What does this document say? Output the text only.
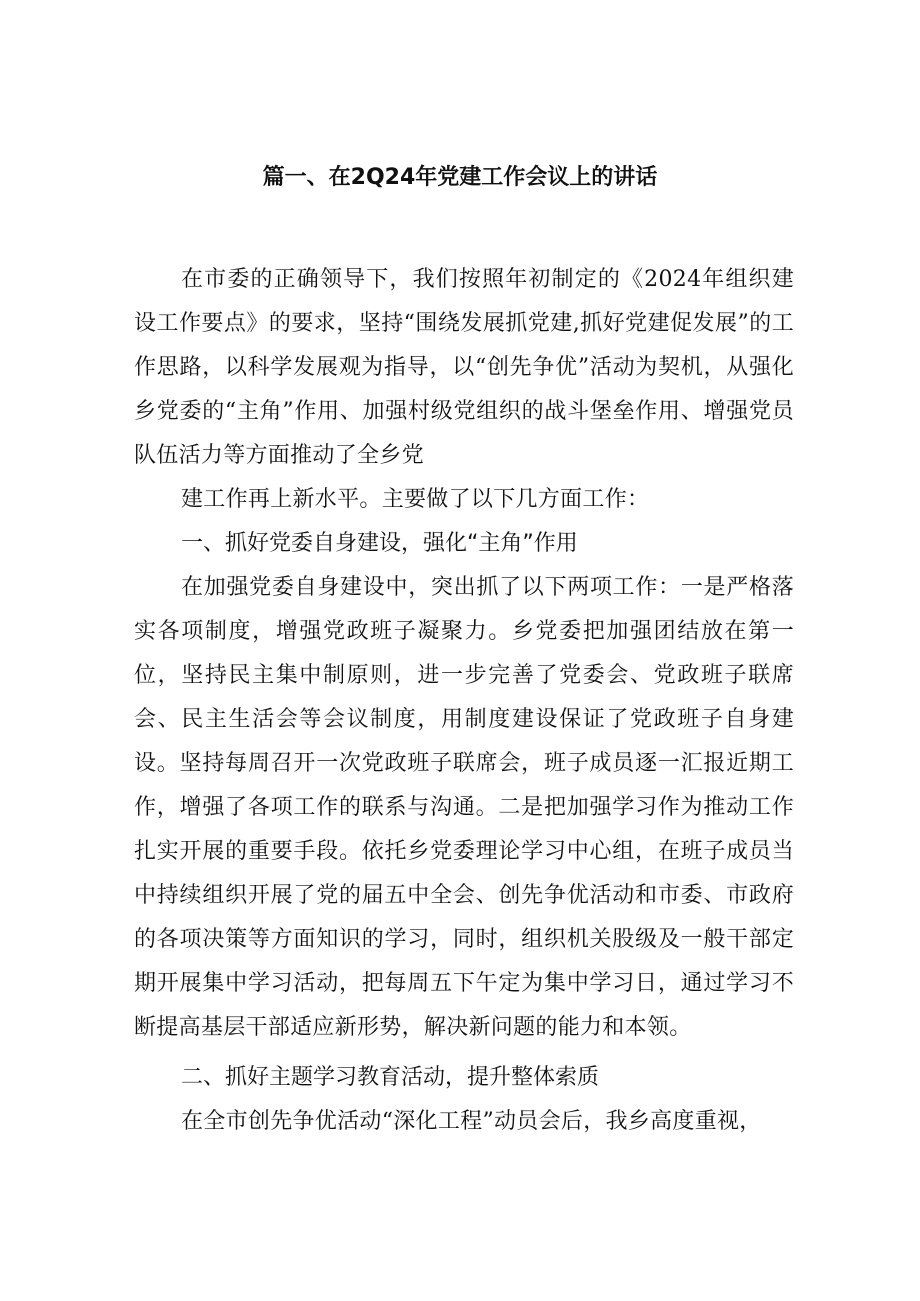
篇一、在2Q24年党建工作会议上的讲话

在市委的正确领导下，我们按照年初制定的《2024年组织建设工作要点》的要求，坚持“围绕发展抓党建,抓好党建促发展”的工作思路，以科学发展观为指导，以“创先争优”活动为契机，从强化乡党委的“主角”作用、加强村级党组织的战斗堡垒作用、增强党员队伍活力等方面推动了全乡党

建工作再上新水平。主要做了以下几方面工作：

一、抓好党委自身建设，强化“主角”作用

在加强党委自身建设中，突出抓了以下两项工作：一是严格落实各项制度，增强党政班子凝聚力。乡党委把加强团结放在第一位，坚持民主集中制原则，进一步完善了党委会、党政班子联席会、民主生活会等会议制度，用制度建设保证了党政班子自身建设。坚持每周召开一次党政班子联席会，班子成员逐一汇报近期工作，增强了各项工作的联系与沟通。二是把加强学习作为推动工作扎实开展的重要手段。依托乡党委理论学习中心组，在班子成员当中持续组织开展了党的届五中全会、创先争优活动和市委、市政府的各项决策等方面知识的学习，同时，组织机关股级及一般干部定期开展集中学习活动，把每周五下午定为集中学习日，通过学习不断提高基层干部适应新形势，解决新问题的能力和本领。

二、抓好主题学习教育活动，提升整体索质

在全市创先争优活动“深化工程”动员会后，我乡高度重视，
